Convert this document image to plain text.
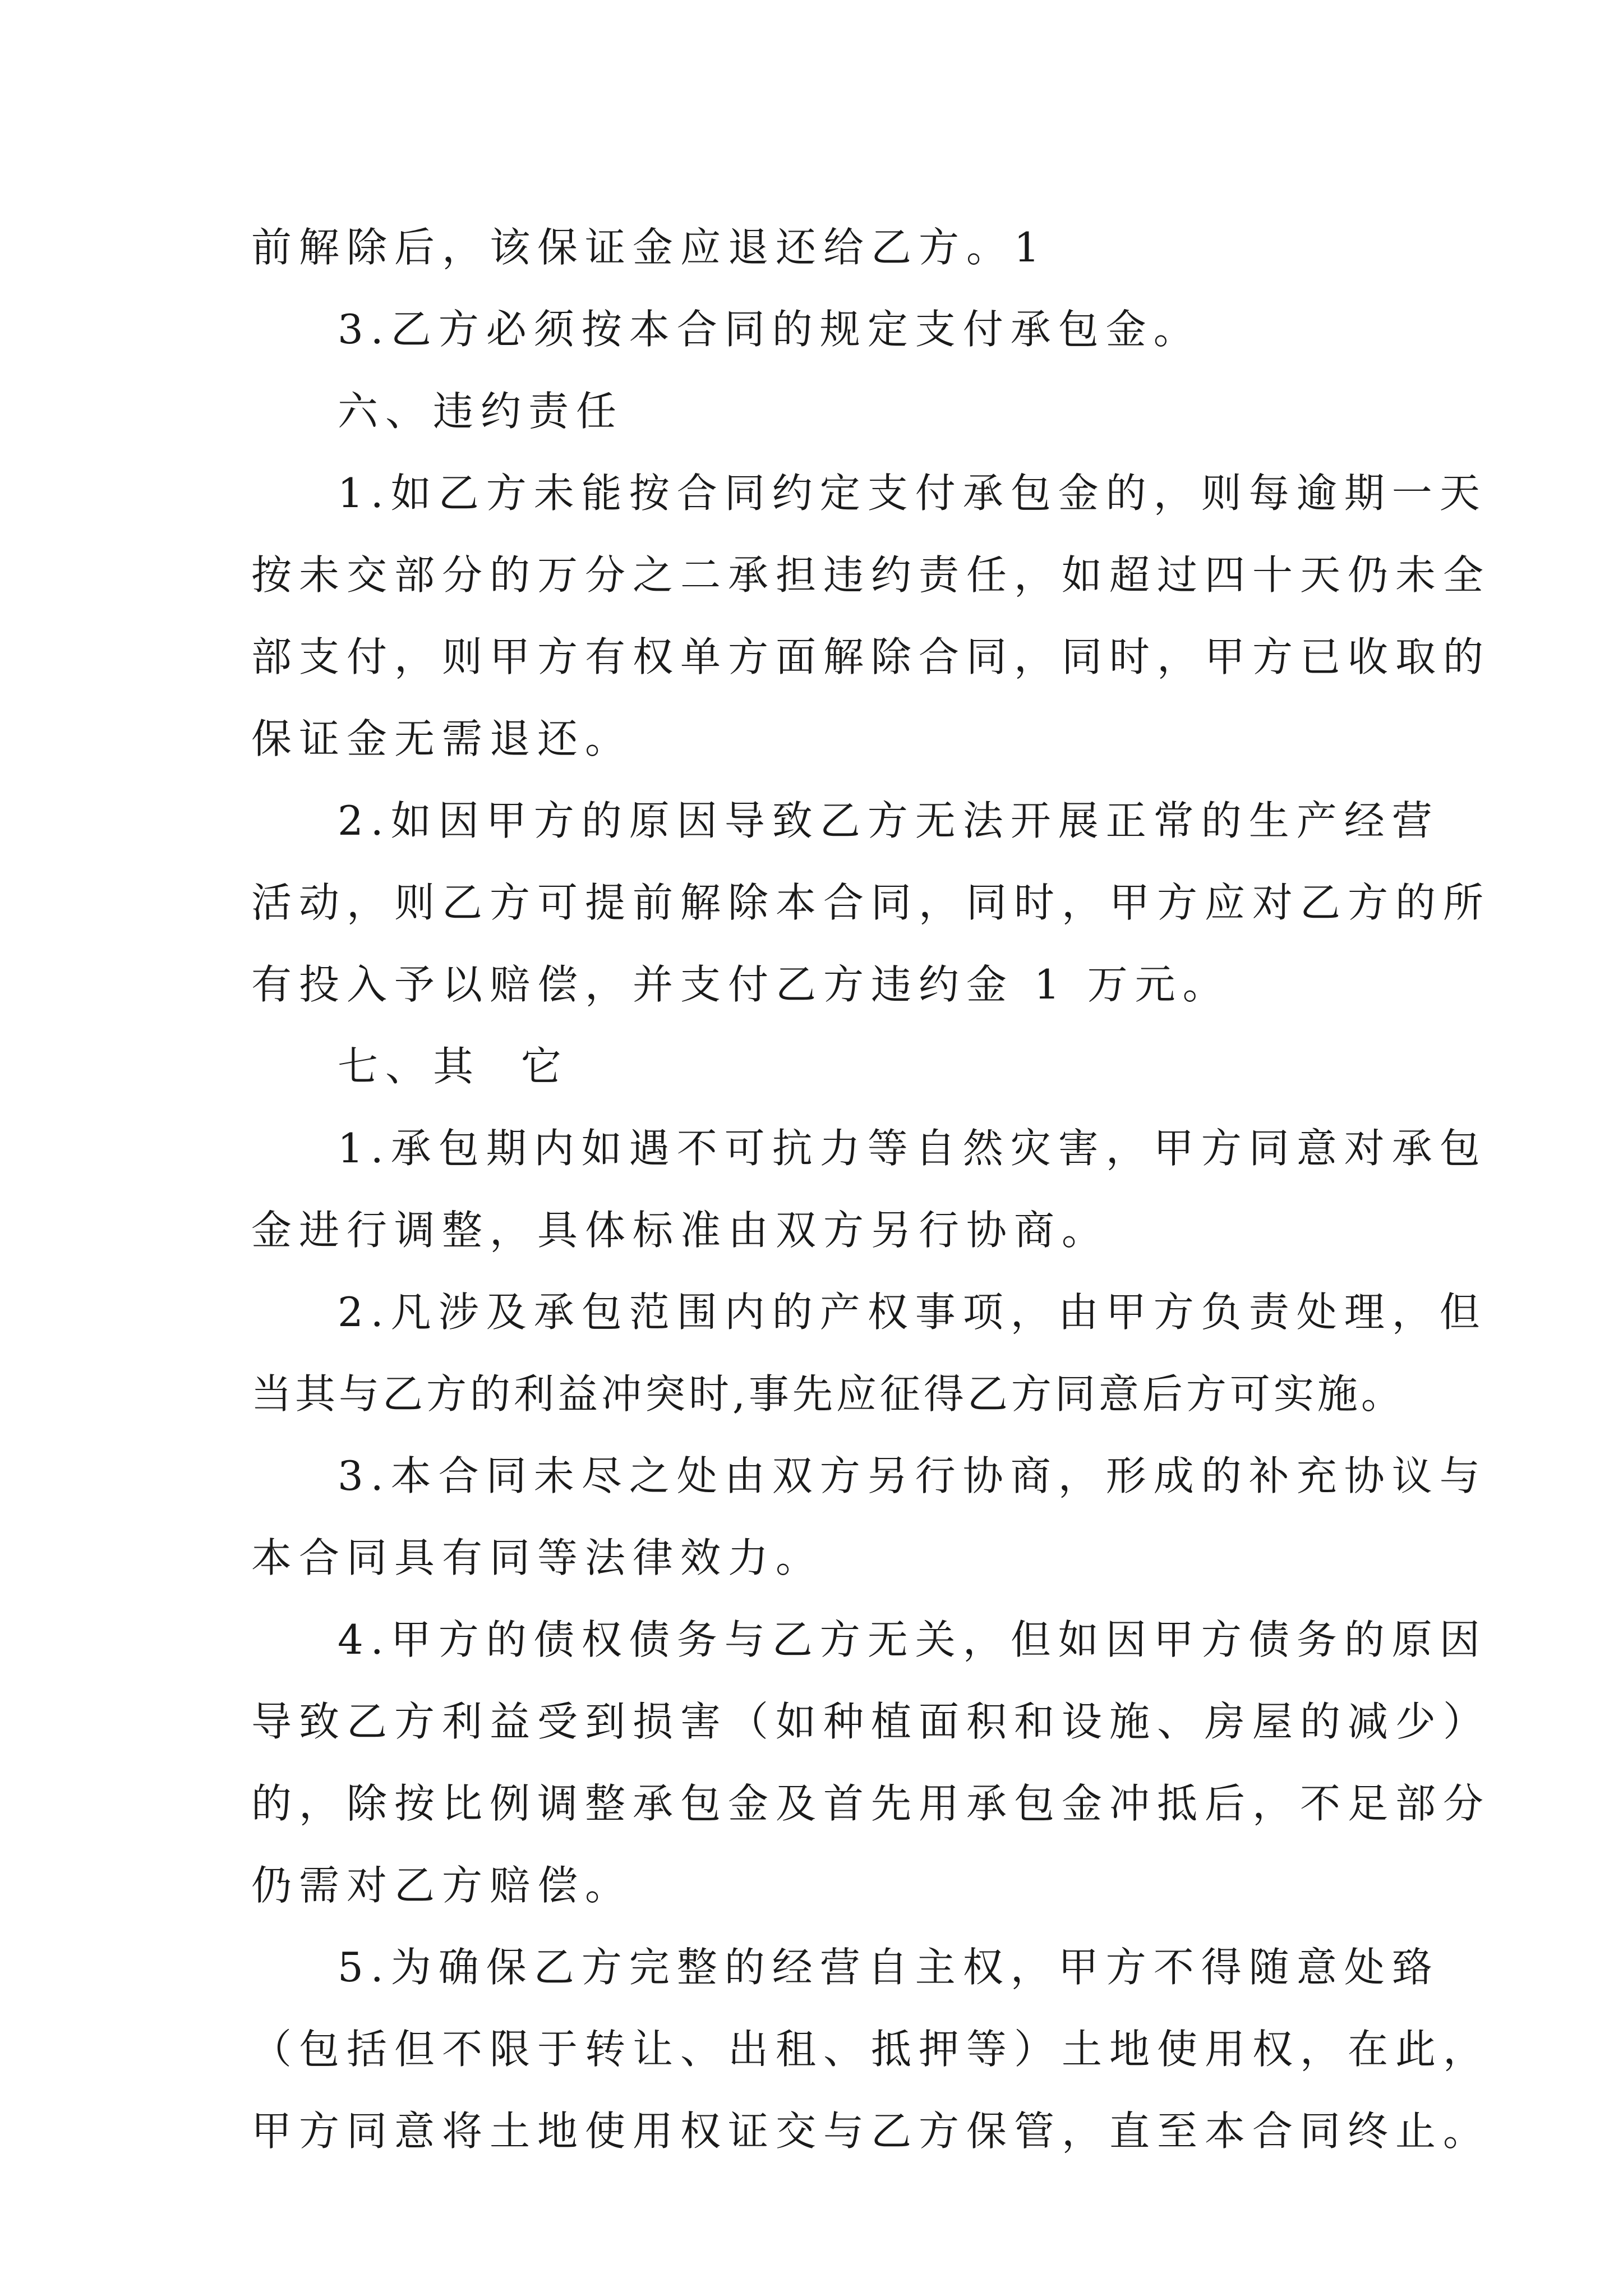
前解除后，该保证金应退还给乙方。1
3.乙方必须按本合同的规定支付承包金。
六、违约责任
1.如乙方未能按合同约定支付承包金的，则每逾期一天
按未交部分的万分之二承担违约责任，如超过四十天仍未全
部支付，则甲方有权单方面解除合同，同时，甲方已收取的
保证金无需退还。
2.如因甲方的原因导致乙方无法开展正常的生产经营
活动，则乙方可提前解除本合同，同时，甲方应对乙方的所
有投入予以赔偿，并支付乙方违约金 1 万元。
七、其  它
1.承包期内如遇不可抗力等自然灾害，甲方同意对承包
金进行调整，具体标准由双方另行协商。
2.凡涉及承包范围内的产权事项，由甲方负责处理，但
当其与乙方的利益冲突时,事先应征得乙方同意后方可实施。
3.本合同未尽之处由双方另行协商，形成的补充协议与
本合同具有同等法律效力。
4.甲方的债权债务与乙方无关，但如因甲方债务的原因
导致乙方利益受到损害（如种植面积和设施、房屋的减少）
的，除按比例调整承包金及首先用承包金冲抵后，不足部分
仍需对乙方赔偿。
5.为确保乙方完整的经营自主权，甲方不得随意处臵
（包括但不限于转让、出租、抵押等）土地使用权，在此，
甲方同意将土地使用权证交与乙方保管，直至本合同终止。
